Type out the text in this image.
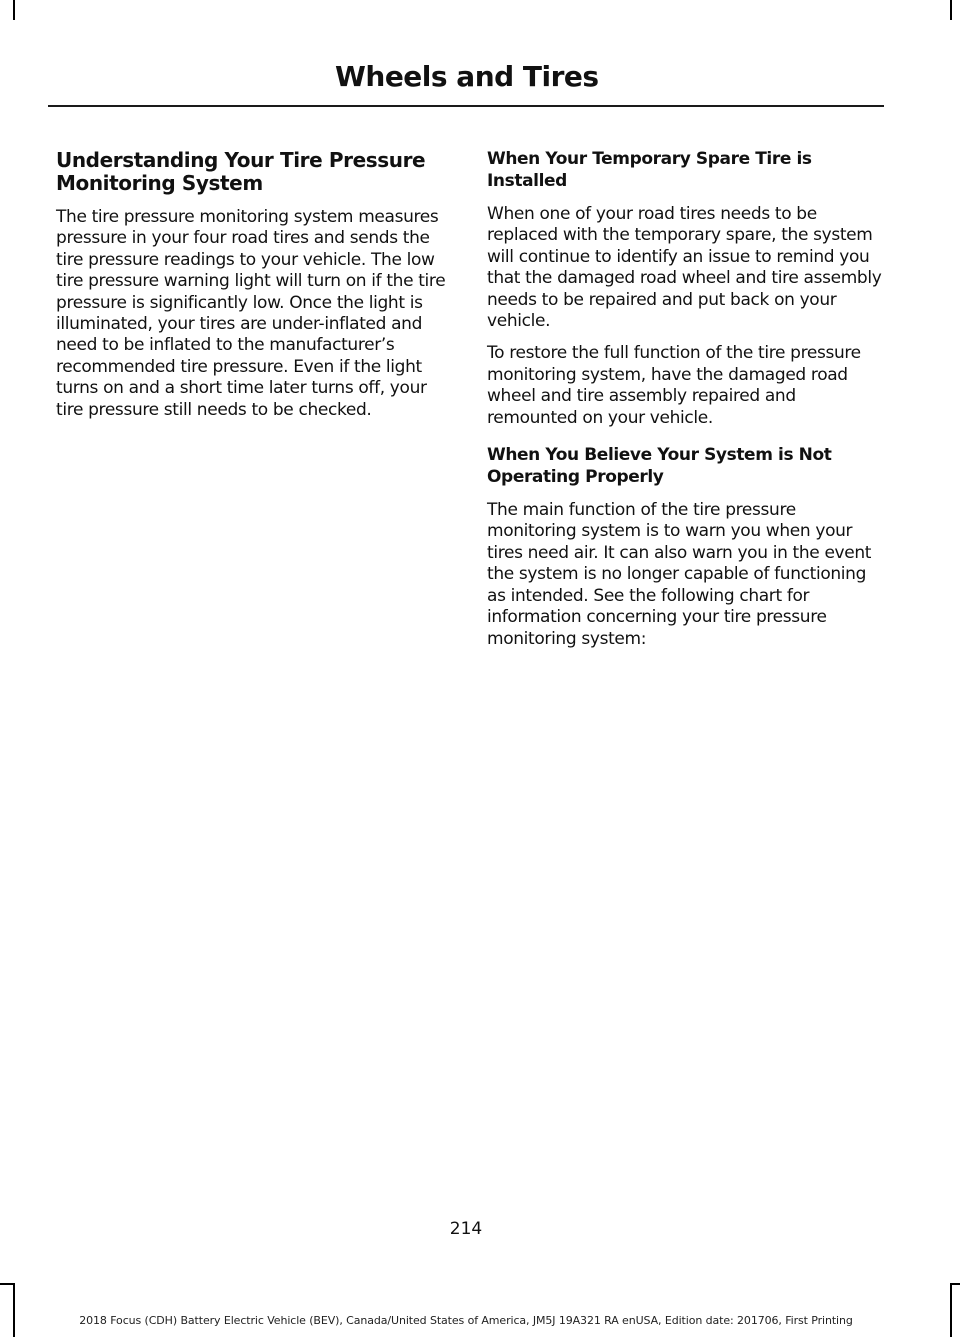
Wheels and Tires
Understanding Your Tire Pressure Monitoring System

The tire pressure monitoring system measures pressure in your four road tires and sends the tire pressure readings to your vehicle. The low tire pressure warning light will turn on if the tire pressure is significantly low. Once the light is illuminated, your tires are under-inflated and need to be inflated to the manufacturer’s recommended tire pressure. Even if the light turns on and a short time later turns off, your tire pressure still needs to be checked.

When Your Temporary Spare Tire is Installed

When one of your road tires needs to be replaced with the temporary spare, the system will continue to identify an issue to remind you that the damaged road wheel and tire assembly needs to be repaired and put back on your vehicle.

To restore the full function of the tire pressure monitoring system, have the damaged road wheel and tire assembly repaired and remounted on your vehicle.

When You Believe Your System is Not Operating Properly

The main function of the tire pressure monitoring system is to warn you when your tires need air. It can also warn you in the event the system is no longer capable of functioning as intended. See the following chart for information concerning your tire pressure monitoring system:

214
2018 Focus (CDH) Battery Electric Vehicle (BEV), Canada/United States of America, JM5J 19A321 RA enUSA, Edition date: 201706, First Printing
